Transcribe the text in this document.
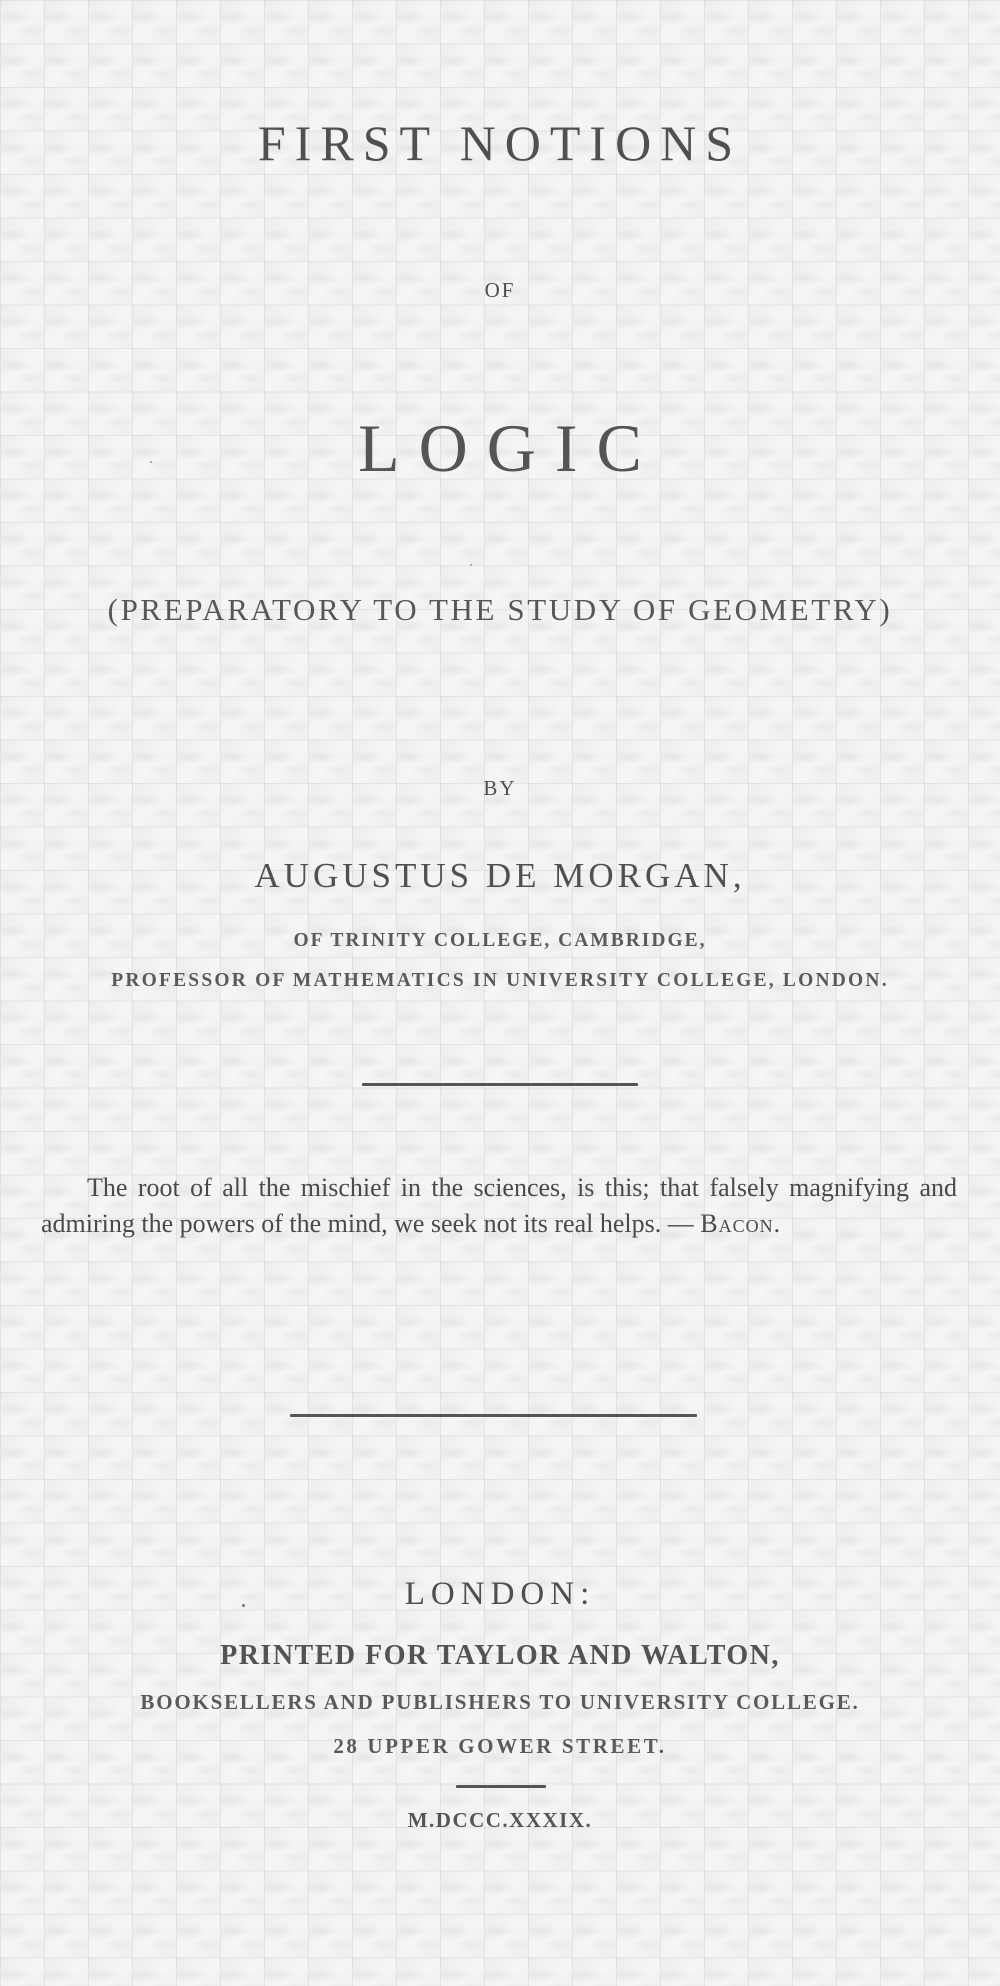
FIRST NOTIONS
OF
LOGIC
(PREPARATORY TO THE STUDY OF GEOMETRY)
BY
AUGUSTUS DE MORGAN,
OF TRINITY COLLEGE, CAMBRIDGE,
PROFESSOR OF MATHEMATICS IN UNIVERSITY COLLEGE, LONDON.
The root of all the mischief in the sciences, is this; that falsely magnifying and admiring the powers of the mind, we seek not its real helps. — Bacon.
LONDON:
PRINTED FOR TAYLOR AND WALTON,
BOOKSELLERS AND PUBLISHERS TO UNIVERSITY COLLEGE.
28 UPPER GOWER STREET.
M.DCCC.XXXIX.
